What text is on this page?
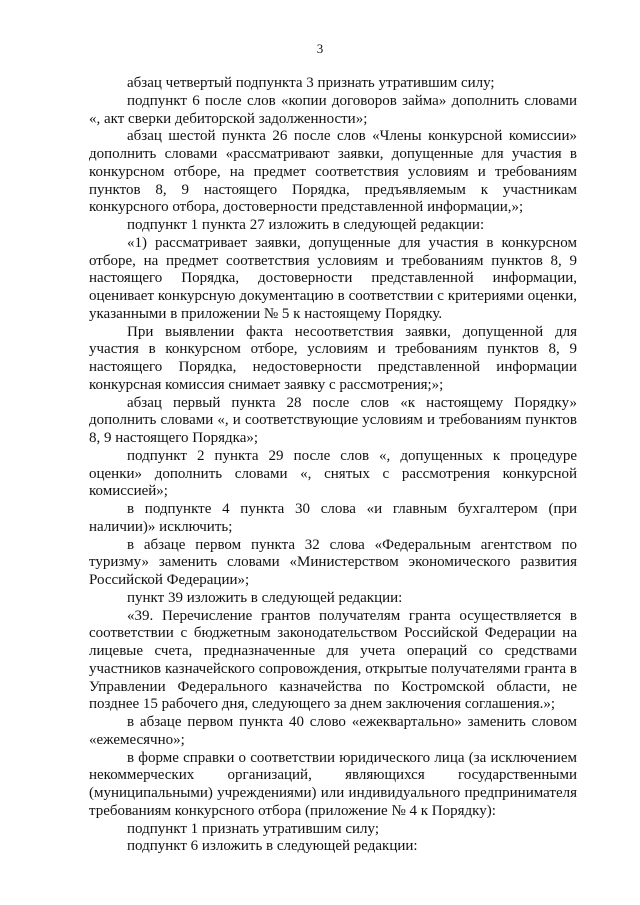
3

абзац четвертый подпункта 3 признать утратившим силу;

подпункт 6 после слов «копии договоров займа» дополнить словами «, акт сверки дебиторской задолженности»;

абзац шестой пункта 26 после слов «Члены конкурсной комиссии» дополнить словами «рассматривают заявки, допущенные для участия в конкурсном отборе, на предмет соответствия условиям и требованиям пунктов 8, 9 настоящего Порядка, предъявляемым к участникам конкурсного отбора, достоверности представленной информации,»;

подпункт 1 пункта 27 изложить в следующей редакции:

«1) рассматривает заявки, допущенные для участия в конкурсном отборе, на предмет соответствия условиям и требованиям пунктов 8, 9 настоящего Порядка, достоверности представленной информации, оценивает конкурсную документацию в соответствии с критериями оценки, указанными в приложении № 5 к настоящему Порядку.

При выявлении факта несоответствия заявки, допущенной для участия в конкурсном отборе, условиям и требованиям пунктов 8, 9 настоящего Порядка, недостоверности представленной информации конкурсная комиссия снимает заявку с рассмотрения;»;

абзац первый пункта 28 после слов «к настоящему Порядку» дополнить словами «, и соответствующие условиям и требованиям пунктов 8, 9 настоящего Порядка»;

подпункт 2 пункта 29 после слов «, допущенных к процедуре оценки» дополнить словами «, снятых с рассмотрения конкурсной комиссией»;

в подпункте 4 пункта 30 слова «и главным бухгалтером (при наличии)» исключить;

в абзаце первом пункта 32 слова «Федеральным агентством по туризму» заменить словами «Министерством экономического развития Российской Федерации»;

пункт 39 изложить в следующей редакции:

«39. Перечисление грантов получателям гранта осуществляется в соответствии с бюджетным законодательством Российской Федерации на лицевые счета, предназначенные для учета операций со средствами участников казначейского сопровождения, открытые получателями гранта в Управлении Федерального казначейства по Костромской области, не позднее 15 рабочего дня, следующего за днем заключения соглашения.»;

в абзаце первом пункта 40 слово «ежеквартально» заменить словом «ежемесячно»;

в форме справки о соответствии юридического лица (за исключением некоммерческих организаций, являющихся государственными (муниципальными) учреждениями) или индивидуального предпринимателя требованиям конкурсного отбора (приложение № 4 к Порядку):

подпункт 1 признать утратившим силу;

подпункт 6 изложить в следующей редакции:
